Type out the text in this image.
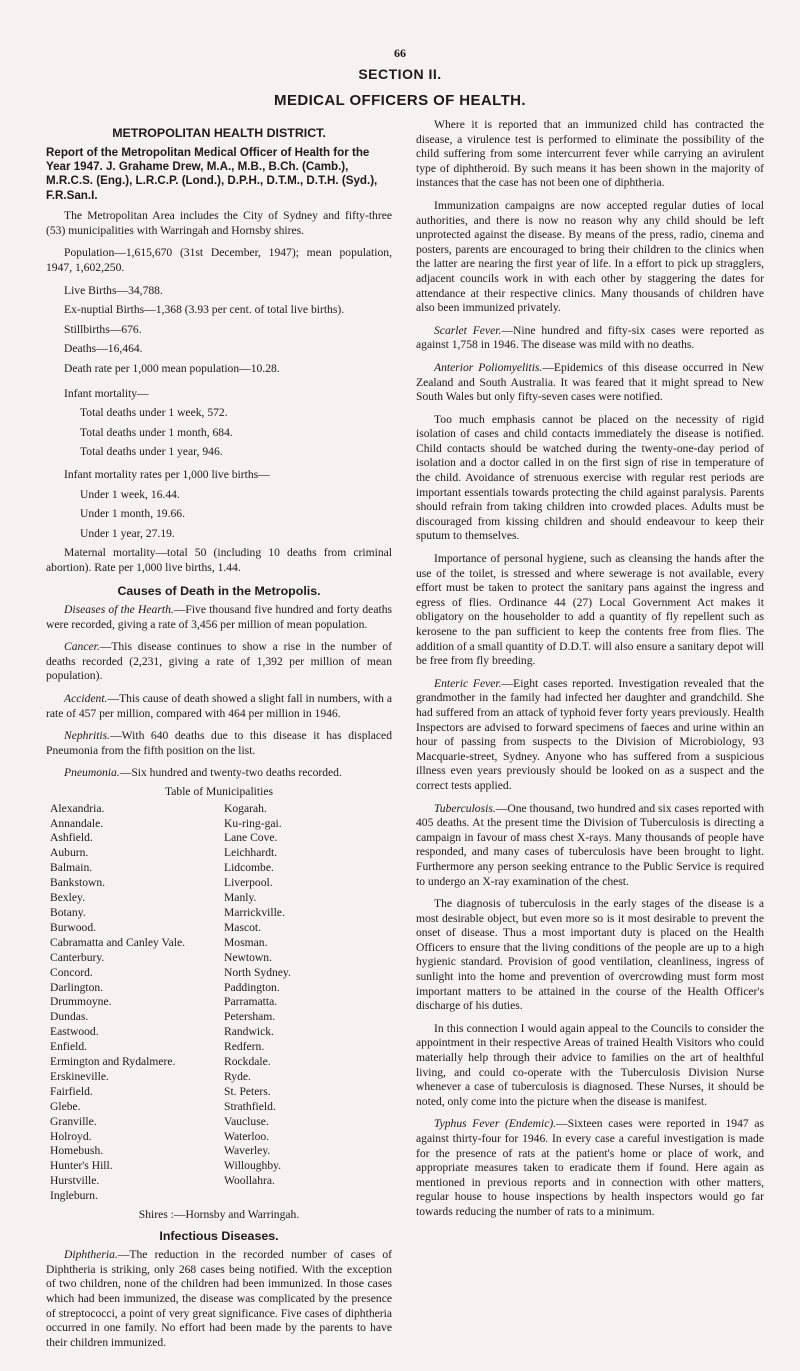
66
SECTION II.
MEDICAL OFFICERS OF HEALTH.
METROPOLITAN HEALTH DISTRICT.

Report of the Metropolitan Medical Officer of Health for the Year 1947. J. Grahame Drew, M.A., M.B., B.Ch. (Camb.), M.R.C.S. (Eng.), L.R.C.P. (Lond.), D.P.H., D.T.M., D.T.H. (Syd.), F.R.San.I.

The Metropolitan Area includes the City of Sydney and fifty-three (53) municipalities with Warringah and Hornsby shires.

Population—1,615,670 (31st December, 1947); mean population, 1947, 1,602,250.

Live Births—34,788.

Ex-nuptial Births—1,368 (3.93 per cent. of total live births).

Stillbirths—676.
Deaths—16,464.
Death rate per 1,000 mean population—10.28.
Infant mortality—
Total deaths under 1 week, 572.
Total deaths under 1 month, 684.
Total deaths under 1 year, 946.
Infant mortality rates per 1,000 live births—
Under 1 week, 16.44.
Under 1 month, 19.66.
Under 1 year, 27.19.

Maternal mortality—total 50 (including 10 deaths from criminal abortion). Rate per 1,000 live births, 1.44.

Causes of Death in the Metropolis.

Diseases of the Hearth.—Five thousand five hundred and forty deaths were recorded, giving a rate of 3,456 per million of mean population.

Cancer.—This disease continues to show a rise in the number of deaths recorded (2,231, giving a rate of 1,392 per million of mean population).

Accident.—This cause of death showed a slight fall in numbers, with a rate of 457 per million, compared with 464 per million in 1946.

Nephritis.—With 640 deaths due to this disease it has displaced Pneumonia from the fifth position on the list.

Pneumonia.—Six hundred and twenty-two deaths recorded.

Table of Municipalities
Alexandria.
Annandale.
Ashfield.
Auburn.
Balmain.
Bankstown.
Bexley.
Botany.
Burwood.
Cabramatta and Canley Vale.
Canterbury.
Concord.
Darlington.
Drummoyne.
Dundas.
Eastwood.
Enfield.
Ermington and Rydalmere.
Erskineville.
Fairfield.
Glebe.
Granville.
Holroyd.
Homebush.
Hunter's Hill.
Hurstville.
Ingleburn.
Kogarah.
Ku-ring-gai.
Lane Cove.
Leichhardt.
Lidcombe.
Liverpool.
Manly.
Marrickville.
Mascot.
Mosman.
Newtown.
North Sydney.
Paddington.
Parramatta.
Petersham.
Randwick.
Redfern.
Rockdale.
Ryde.
St. Peters.
Strathfield.
Vaucluse.
Waterloo.
Waverley.
Willoughby.
Woollahra.
Shires :—Hornsby and Warringah.
Infectious Diseases.

Diphtheria.—The reduction in the recorded number of cases of Diphtheria is striking, only 268 cases being notified. With the exception of two children, none of the children had been immunized. In those cases which had been immunized, the disease was complicated by the presence of streptococci, a point of very great significance. Five cases of diphtheria occurred in one family. No effort had been made by the parents to have their children immunized.

Where it is reported that an immunized child has contracted the disease, a virulence test is performed to eliminate the possibility of the child suffering from some intercurrent fever while carrying an avirulent type of diphtheroid. By such means it has been shown in the majority of instances that the case has not been one of diphtheria.

Immunization campaigns are now accepted regular duties of local authorities, and there is now no reason why any child should be left unprotected against the disease. By means of the press, radio, cinema and posters, parents are encouraged to bring their children to the clinics when the latter are nearing the first year of life. In a effort to pick up stragglers, adjacent councils work in with each other by staggering the dates for attendance at their respective clinics. Many thousands of children have also been immunized privately.

Scarlet Fever.—Nine hundred and fifty-six cases were reported as against 1,758 in 1946. The disease was mild with no deaths.

Anterior Poliomyelitis.—Epidemics of this disease occurred in New Zealand and South Australia. It was feared that it might spread to New South Wales but only fifty-seven cases were notified.

Too much emphasis cannot be placed on the necessity of rigid isolation of cases and child contacts immediately the disease is notified. Child contacts should be watched during the twenty-one-day period of isolation and a doctor called in on the first sign of rise in temperature of the child. Avoidance of strenuous exercise with regular rest periods are important essentials towards protecting the child against paralysis. Parents should refrain from taking children into crowded places. Adults must be discouraged from kissing children and should endeavour to keep their sputum to themselves.

Importance of personal hygiene, such as cleansing the hands after the use of the toilet, is stressed and where sewerage is not available, every effort must be taken to protect the sanitary pans against the ingress and egress of flies. Ordinance 44 (27) Local Government Act makes it obligatory on the householder to add a quantity of fly repellent such as kerosene to the pan sufficient to keep the contents free from flies. The addition of a small quantity of D.D.T. will also ensure a sanitary depot will be free from fly breeding.

Enteric Fever.—Eight cases reported. Investigation revealed that the grandmother in the family had infected her daughter and grandchild. She had suffered from an attack of typhoid fever forty years previously. Health Inspectors are advised to forward specimens of faeces and urine within an hour of passing from suspects to the Division of Microbiology, 93 Macquarie-street, Sydney. Anyone who has suffered from a suspicious illness even years previously should be looked on as a suspect and the correct tests applied.

Tuberculosis.—One thousand, two hundred and six cases reported with 405 deaths. At the present time the Division of Tuberculosis is directing a campaign in favour of mass chest X-rays. Many thousands of people have responded, and many cases of tuberculosis have been brought to light. Furthermore any person seeking entrance to the Public Service is required to undergo an X-ray examination of the chest.

The diagnosis of tuberculosis in the early stages of the disease is a most desirable object, but even more so is it most desirable to prevent the onset of disease. Thus a most important duty is placed on the Health Officers to ensure that the living conditions of the people are up to a high hygienic standard. Provision of good ventilation, cleanliness, ingress of sunlight into the home and prevention of overcrowding must form most important matters to be attained in the course of the Health Officer's discharge of his duties.

In this connection I would again appeal to the Councils to consider the appointment in their respective Areas of trained Health Visitors who could materially help through their advice to families on the art of healthful living, and could co-operate with the Tuberculosis Division Nurse whenever a case of tuberculosis is diagnosed. These Nurses, it should be noted, only come into the picture when the disease is manifest.

Typhus Fever (Endemic).—Sixteen cases were reported in 1947 as against thirty-four for 1946. In every case a careful investigation is made for the presence of rats at the patient's home or place of work, and appropriate measures taken to eradicate them if found. Here again as mentioned in previous reports and in connection with other matters, regular house to house inspections by health inspectors would go far towards reducing the number of rats to a minimum.
